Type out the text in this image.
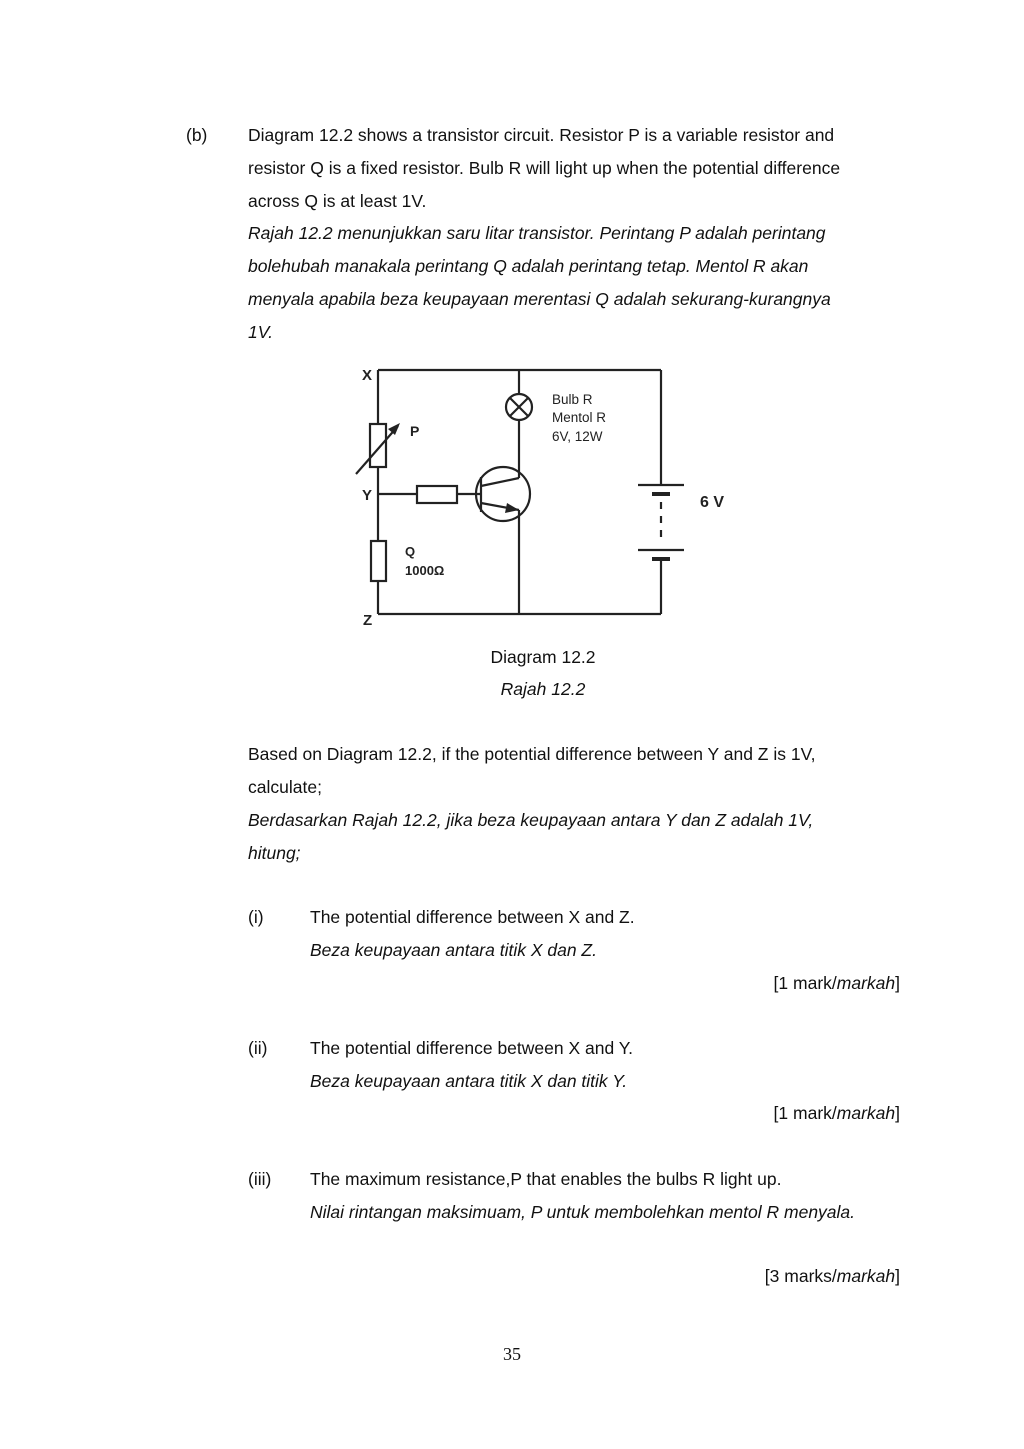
(b) Diagram 12.2 shows a transistor circuit. Resistor P is a variable resistor and
resistor Q is a fixed resistor. Bulb R will light up when the potential difference
across Q is at least 1V.
Rajah 12.2 menunjukkan saru litar transistor. Perintang P adalah perintang
bolehubah manakala perintang Q adalah perintang tetap. Mentol R akan
menyala apabila beza keupayaan merentasi Q adalah sekurang-kurangnya
1V.
X
Y
Z
P
Q
1000Ω
Bulb R
Mentol R
6V, 12W
6 V
Diagram 12.2
Rajah 12.2
Based on Diagram 12.2, if the potential difference between Y and Z is 1V,
calculate;
Berdasarkan Rajah 12.2, jika beza keupayaan antara Y dan Z adalah 1V,
hitung;
(i)	The potential difference between X and Z.
Beza keupayaan antara titik X dan Z.
[1 mark/markah]
(ii) The potential difference between X and Y.
Beza keupayaan antara titik X dan titik Y.
[1 mark/markah]
(iii) The maximum resistance,P that enables the bulbs R light up.
Nilai rintangan maksimuam, P untuk membolehkan mentol R menyala.
[3 marks/markah]
35
